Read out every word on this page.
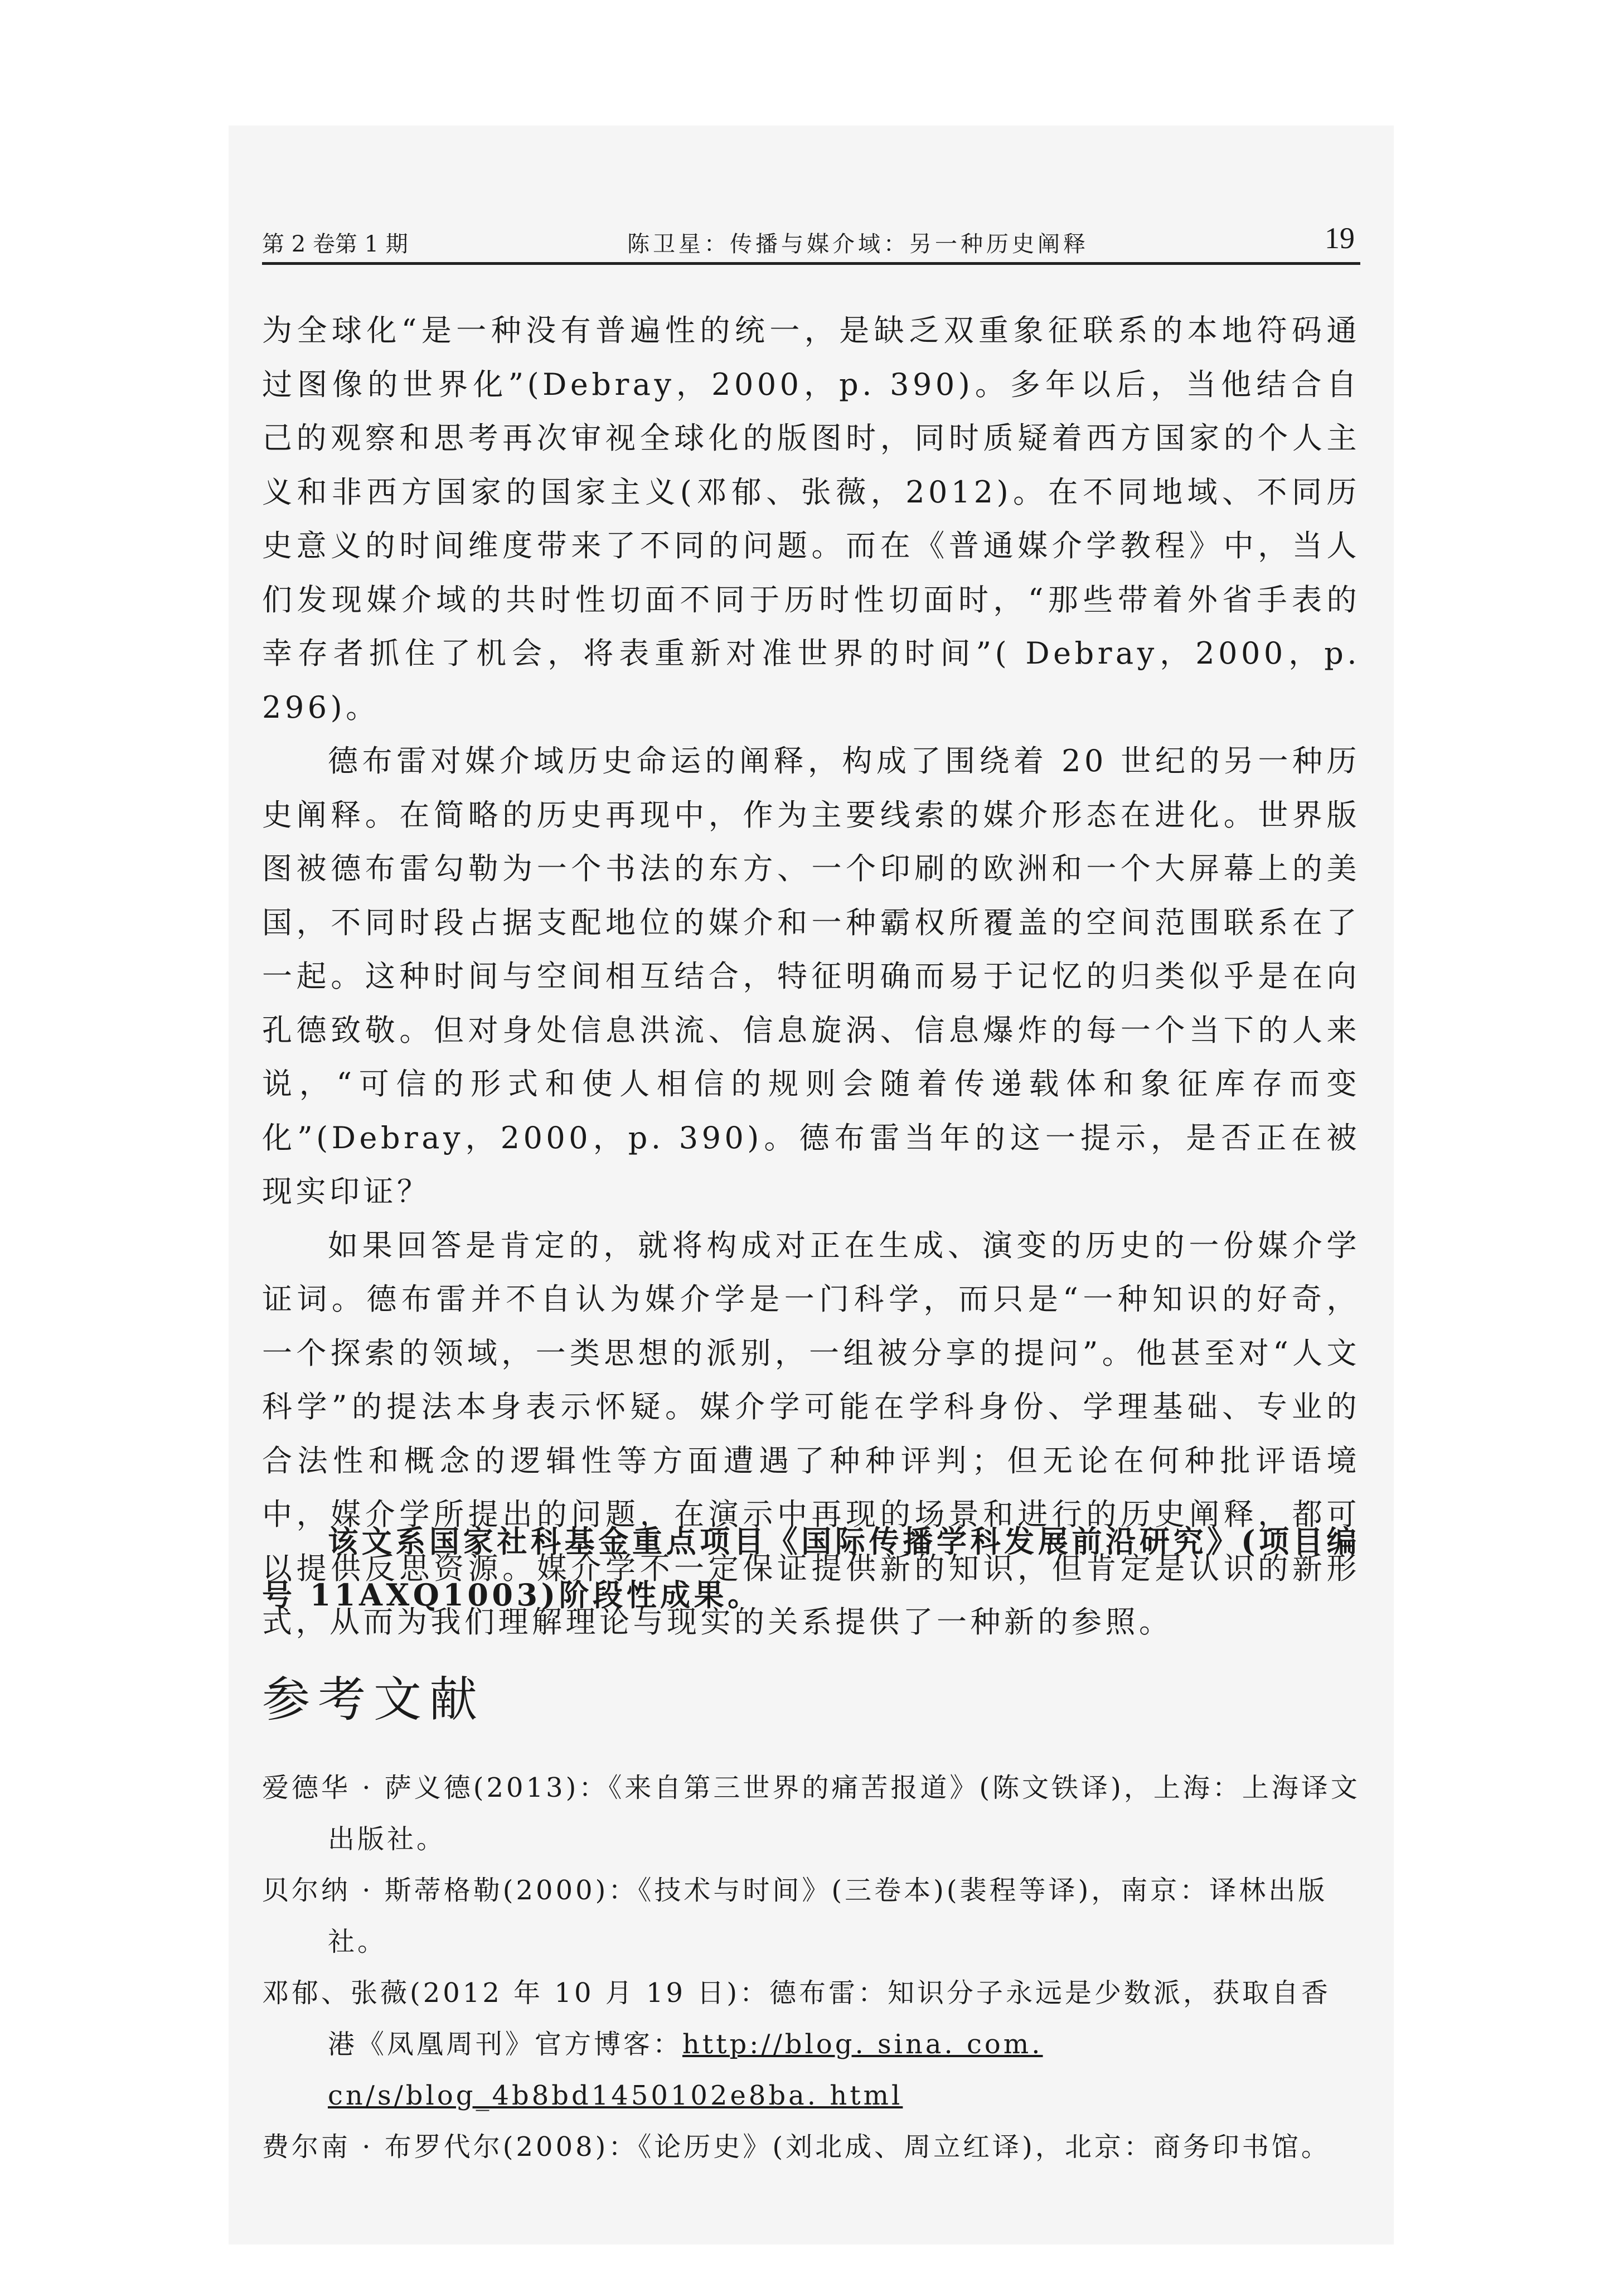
第 2 卷第 1 期	陈卫星：传播与媒介域：另一种历史阐释	19

为全球化“是一种没有普遍性的统一，是缺乏双重象征联系的本地符码通过图像的世界化”(Debray，2000，p. 390)。多年以后，当他结合自己的观察和思考再次审视全球化的版图时，同时质疑着西方国家的个人主义和非西方国家的国家主义(邓郁、张薇，2012)。在不同地域、不同历史意义的时间维度带来了不同的问题。而在《普通媒介学教程》中，当人们发现媒介域的共时性切面不同于历时性切面时，“那些带着外省手表的幸存者抓住了机会，将表重新对准世界的时间”( Debray，2000，p. 296)。

德布雷对媒介域历史命运的阐释，构成了围绕着 20 世纪的另一种历史阐释。在简略的历史再现中，作为主要线索的媒介形态在进化。世界版图被德布雷勾勒为一个书法的东方、一个印刷的欧洲和一个大屏幕上的美国，不同时段占据支配地位的媒介和一种霸权所覆盖的空间范围联系在了一起。这种时间与空间相互结合，特征明确而易于记忆的归类似乎是在向孔德致敬。但对身处信息洪流、信息旋涡、信息爆炸的每一个当下的人来说，“可信的形式和使人相信的规则会随着传递载体和象征库存而变化”(Debray，2000，p. 390)。德布雷当年的这一提示，是否正在被现实印证？

如果回答是肯定的，就将构成对正在生成、演变的历史的一份媒介学证词。德布雷并不自认为媒介学是一门科学，而只是“一种知识的好奇，一个探索的领域，一类思想的派别，一组被分享的提问”。他甚至对“人文科学”的提法本身表示怀疑。媒介学可能在学科身份、学理基础、专业的合法性和概念的逻辑性等方面遭遇了种种评判；但无论在何种批评语境中，媒介学所提出的问题，在演示中再现的场景和进行的历史阐释，都可以提供反思资源。媒介学不一定保证提供新的知识，但肯定是认识的新形式，从而为我们理解理论与现实的关系提供了一种新的参照。

该文系国家社科基金重点项目《国际传播学科发展前沿研究》(项目编号 11AXQ1003)阶段性成果。

参考文献

爱德华 · 萨义德(2013)：《来自第三世界的痛苦报道》(陈文铁译)，上海：上海译文出版社。

贝尔纳 · 斯蒂格勒(2000)：《技术与时间》(三卷本)(裴程等译)，南京：译林出版社。

邓郁、张薇(2012 年 10 月 19 日)：德布雷：知识分子永远是少数派，获取自香港《凤凰周刊》官方博客：http://blog. sina. com. cn/s/blog_4b8bd1450102e8ba. html

费尔南 · 布罗代尔(2008)：《论历史》(刘北成、周立红译)，北京：商务印书馆。
